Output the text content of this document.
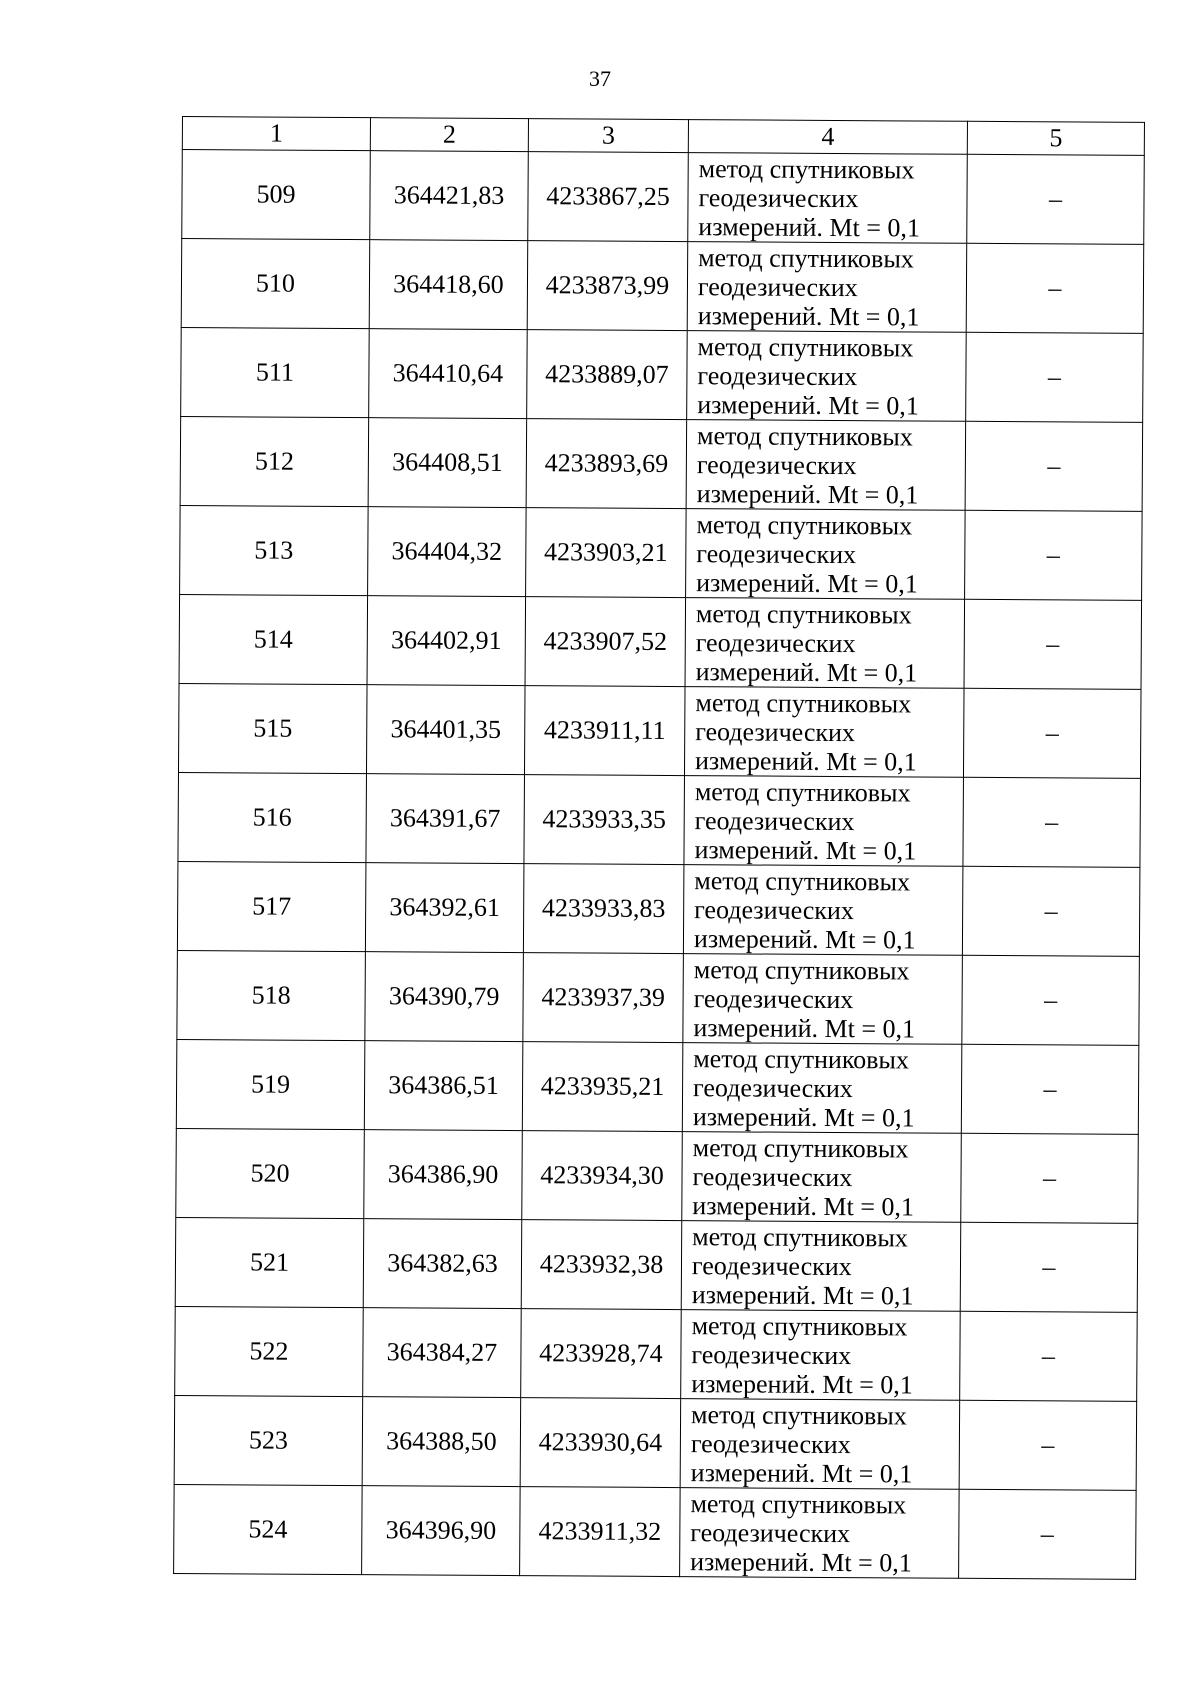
37
1	2	3	4	5
509	364421,83	4233867,25	метод спутниковых
геодезических
измерений. Mt = 0,1	–
510	364418,60	4233873,99	метод спутниковых
геодезических
измерений. Mt = 0,1	–
511	364410,64	4233889,07	метод спутниковых
геодезических
измерений. Mt = 0,1	–
512	364408,51	4233893,69	метод спутниковых
геодезических
измерений. Mt = 0,1	–
513	364404,32	4233903,21	метод спутниковых
геодезических
измерений. Mt = 0,1	–
514	364402,91	4233907,52	метод спутниковых
геодезических
измерений. Mt = 0,1	–
515	364401,35	4233911,11	метод спутниковых
геодезических
измерений. Mt = 0,1	–
516	364391,67	4233933,35	метод спутниковых
геодезических
измерений. Mt = 0,1	–
517	364392,61	4233933,83	метод спутниковых
геодезических
измерений. Mt = 0,1	–
518	364390,79	4233937,39	метод спутниковых
геодезических
измерений. Mt = 0,1	–
519	364386,51	4233935,21	метод спутниковых
геодезических
измерений. Mt = 0,1	–
520	364386,90	4233934,30	метод спутниковых
геодезических
измерений. Mt = 0,1	–
521	364382,63	4233932,38	метод спутниковых
геодезических
измерений. Mt = 0,1	–
522	364384,27	4233928,74	метод спутниковых
геодезических
измерений. Mt = 0,1	–
523	364388,50	4233930,64	метод спутниковых
геодезических
измерений. Mt = 0,1	–
524	364396,90	4233911,32	метод спутниковых
геодезических
измерений. Mt = 0,1	–
